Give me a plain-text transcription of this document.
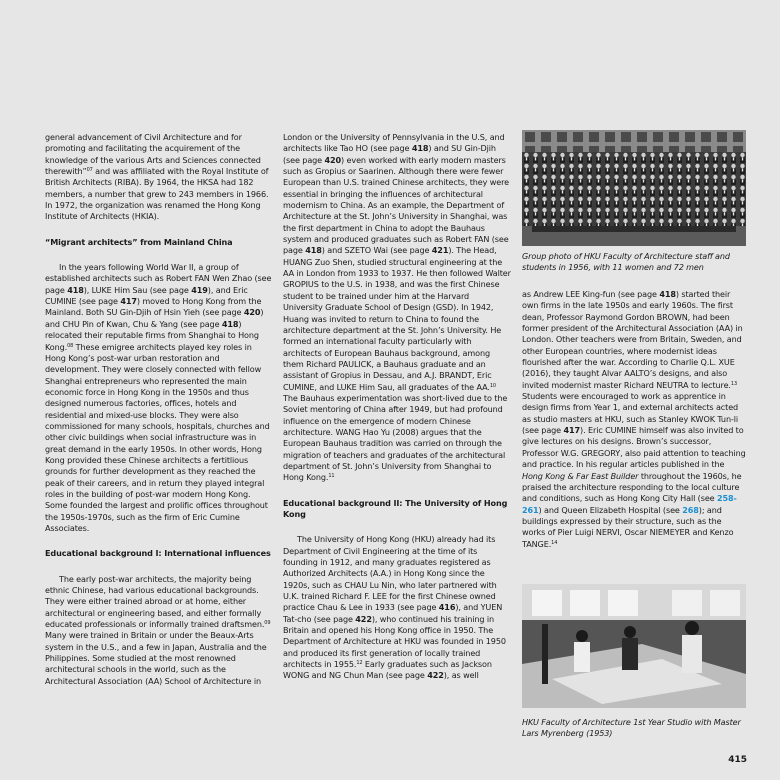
general advancement of Civil Architecture and for promoting and facilitating the acquirement of the knowledge of the various Arts and Sciences connected therewith”$^{07}$ and was affiliated with the Royal Institute of British Architects (RIBA). By 1964, the HKSA had 182 members, a number that grew to 243 members in 1966. In 1972, the organization was renamed the Hong Kong Institute of Architects (HKIA).

“Migrant architects” from Mainland China

In the years following World War II, a group of established architects such as Robert FAN Wen Zhao (see page 418), LUKE Him Sau (see page 419), and Eric CUMINE (see page 417) moved to Hong Kong from the Mainland. Both SU Gin-Djih of Hsin Yieh (see page 420) and CHU Pin of Kwan, Chu & Yang (see page 418) relocated their reputable firms from Shanghai to Hong Kong.$^{08}$ These emigree architects played key roles in Hong Kong’s post-war urban restoration and development. They were closely connected with fellow Shanghai entrepreneurs who represented the main economic force in Hong Kong in the 1950s and thus designed numerous factories, offices, hotels and residential and mixed-use blocks. They were also commissioned for many schools, hospitals, churches and other civic buildings when social infrastructure was in great demand in the early 1950s. In other words, Hong Kong provided these Chinese architects a fertitlious grounds for further development as they reached the peak of their careers, and in return they played integral roles in the building of post-war modern Hong Kong. Some founded the largest and prolific offices throughout the 1950s-1970s, such as the firm of Eric Cumine Associates.

Educational background I: International influences

The early post-war architects, the majority being ethnic Chinese, had various educational backgrounds. They were either trained abroad or at home, either architectural or engineering based, and either formally educated professionals or informally trained draftsmen.$^{09}$ Many were trained in Britain or under the Beaux-Arts system in the U.S., and a few in Japan, Australia and the Philippines. Some studied at the most renowned architectural schools in the world, such as the Architectural Association (AA) School of Architecture in

London or the University of Pennsylvania in the U.S, and architects like Tao HO (see page 418) and SU Gin-Djih (see page 420) even worked with early modern masters such as Gropius or Saarinen. Although there were fewer European than U.S. trained Chinese architects, they were essential in bringing the influences of architectural modernism to China. As an example, the Department of Architecture at the St. John’s University in Shanghai, was the first department in China to adopt the Bauhaus system and produced graduates such as Robert FAN (see page 418) and SZETO Wai (see page 421). The Head, HUANG Zuo Shen, studied structural engineering at the AA in London from 1933 to 1937. He then followed Walter GROPIUS to the U.S. in 1938, and was the first Chinese student to be trained under him at the Harvard University Graduate School of Design (GSD). In 1942, Huang was invited to return to China to found the architecture department at the St. John’s University. He formed an international faculty particularly with architects of European Bauhaus background, among them Richard PAULICK, a Bauhaus graduate and an assistant of Gropius in Dessau, and A.J. BRANDT, Eric CUMINE, and LUKE Him Sau, all graduates of the AA.$^{10}$ The Bauhaus experimentation was short-lived due to the Soviet mentoring of China after 1949, but had profound influence on the emergence of modern Chinese architecture. WANG Hao Yu (2008) argues that the European Bauhaus tradition was carried on through the migration of teachers and graduates of the architectural department of St. John’s University from Shanghai to Hong Kong.$^{11}$

Educational background II: The University of Hong Kong

The University of Hong Kong (HKU) already had its Department of Civil Engineering at the time of its founding in 1912, and many graduates registered as Authorized Architects (A.A.) in Hong Kong since the 1920s, such as CHAU Lu Nin, who later partnered with U.K. trained Richard F. LEE for the first Chinese owned practice Chau & Lee in 1933 (see page 416), and YUEN Tat-cho (see page 422), who continued his training in Britain and opened his Hong Kong office in 1950. The Department of Architecture at HKU was founded in 1950 and produced its first generation of locally trained architects in 1955.12 Early graduates such as Jackson WONG and NG Chun Man (see page 422), as well

Group photo of HKU Faculty of Architecture staff and students in 1956, with 11 women and 72 men

as Andrew LEE King-fun (see page 418) started their own firms in the late 1950s and early 1960s. The first dean, Professor Raymond Gordon BROWN, had been former president of the Architectural Association (AA) in London. Other teachers were from Britain, Sweden, and other European countries, where modernist ideas flourished after the war. According to Charlie Q.L. XUE (2016), they taught Alvar AALTO’s designs, and also invited modernist master Richard NEUTRA to lecture.$^{13}$ Students were encouraged to work as apprentice in design firms from Year 1, and external architects acted as studio masters at HKU, such as Stanley KWOK Tun-li (see page 417). Eric CUMINE himself was also invited to give lectures on his designs. Brown’s successor, Professor W.G. GREGORY, also paid attention to teaching and practice. In his regular articles published in the Hong Kong & Far East Builder throughout the 1960s, he praised the architecture responding to the local culture and conditions, such as Hong Kong City Hall (see 258-261) and Queen Elizabeth Hospital (see 268); and buildings expressed by their structure, such as the works of Pier Luigi NERVI, Oscar NIEMEYER and Kenzo TANGE.$^{14}$

HKU Faculty of Architecture 1st Year Studio with Master Lars Myrenberg (1953)
415
